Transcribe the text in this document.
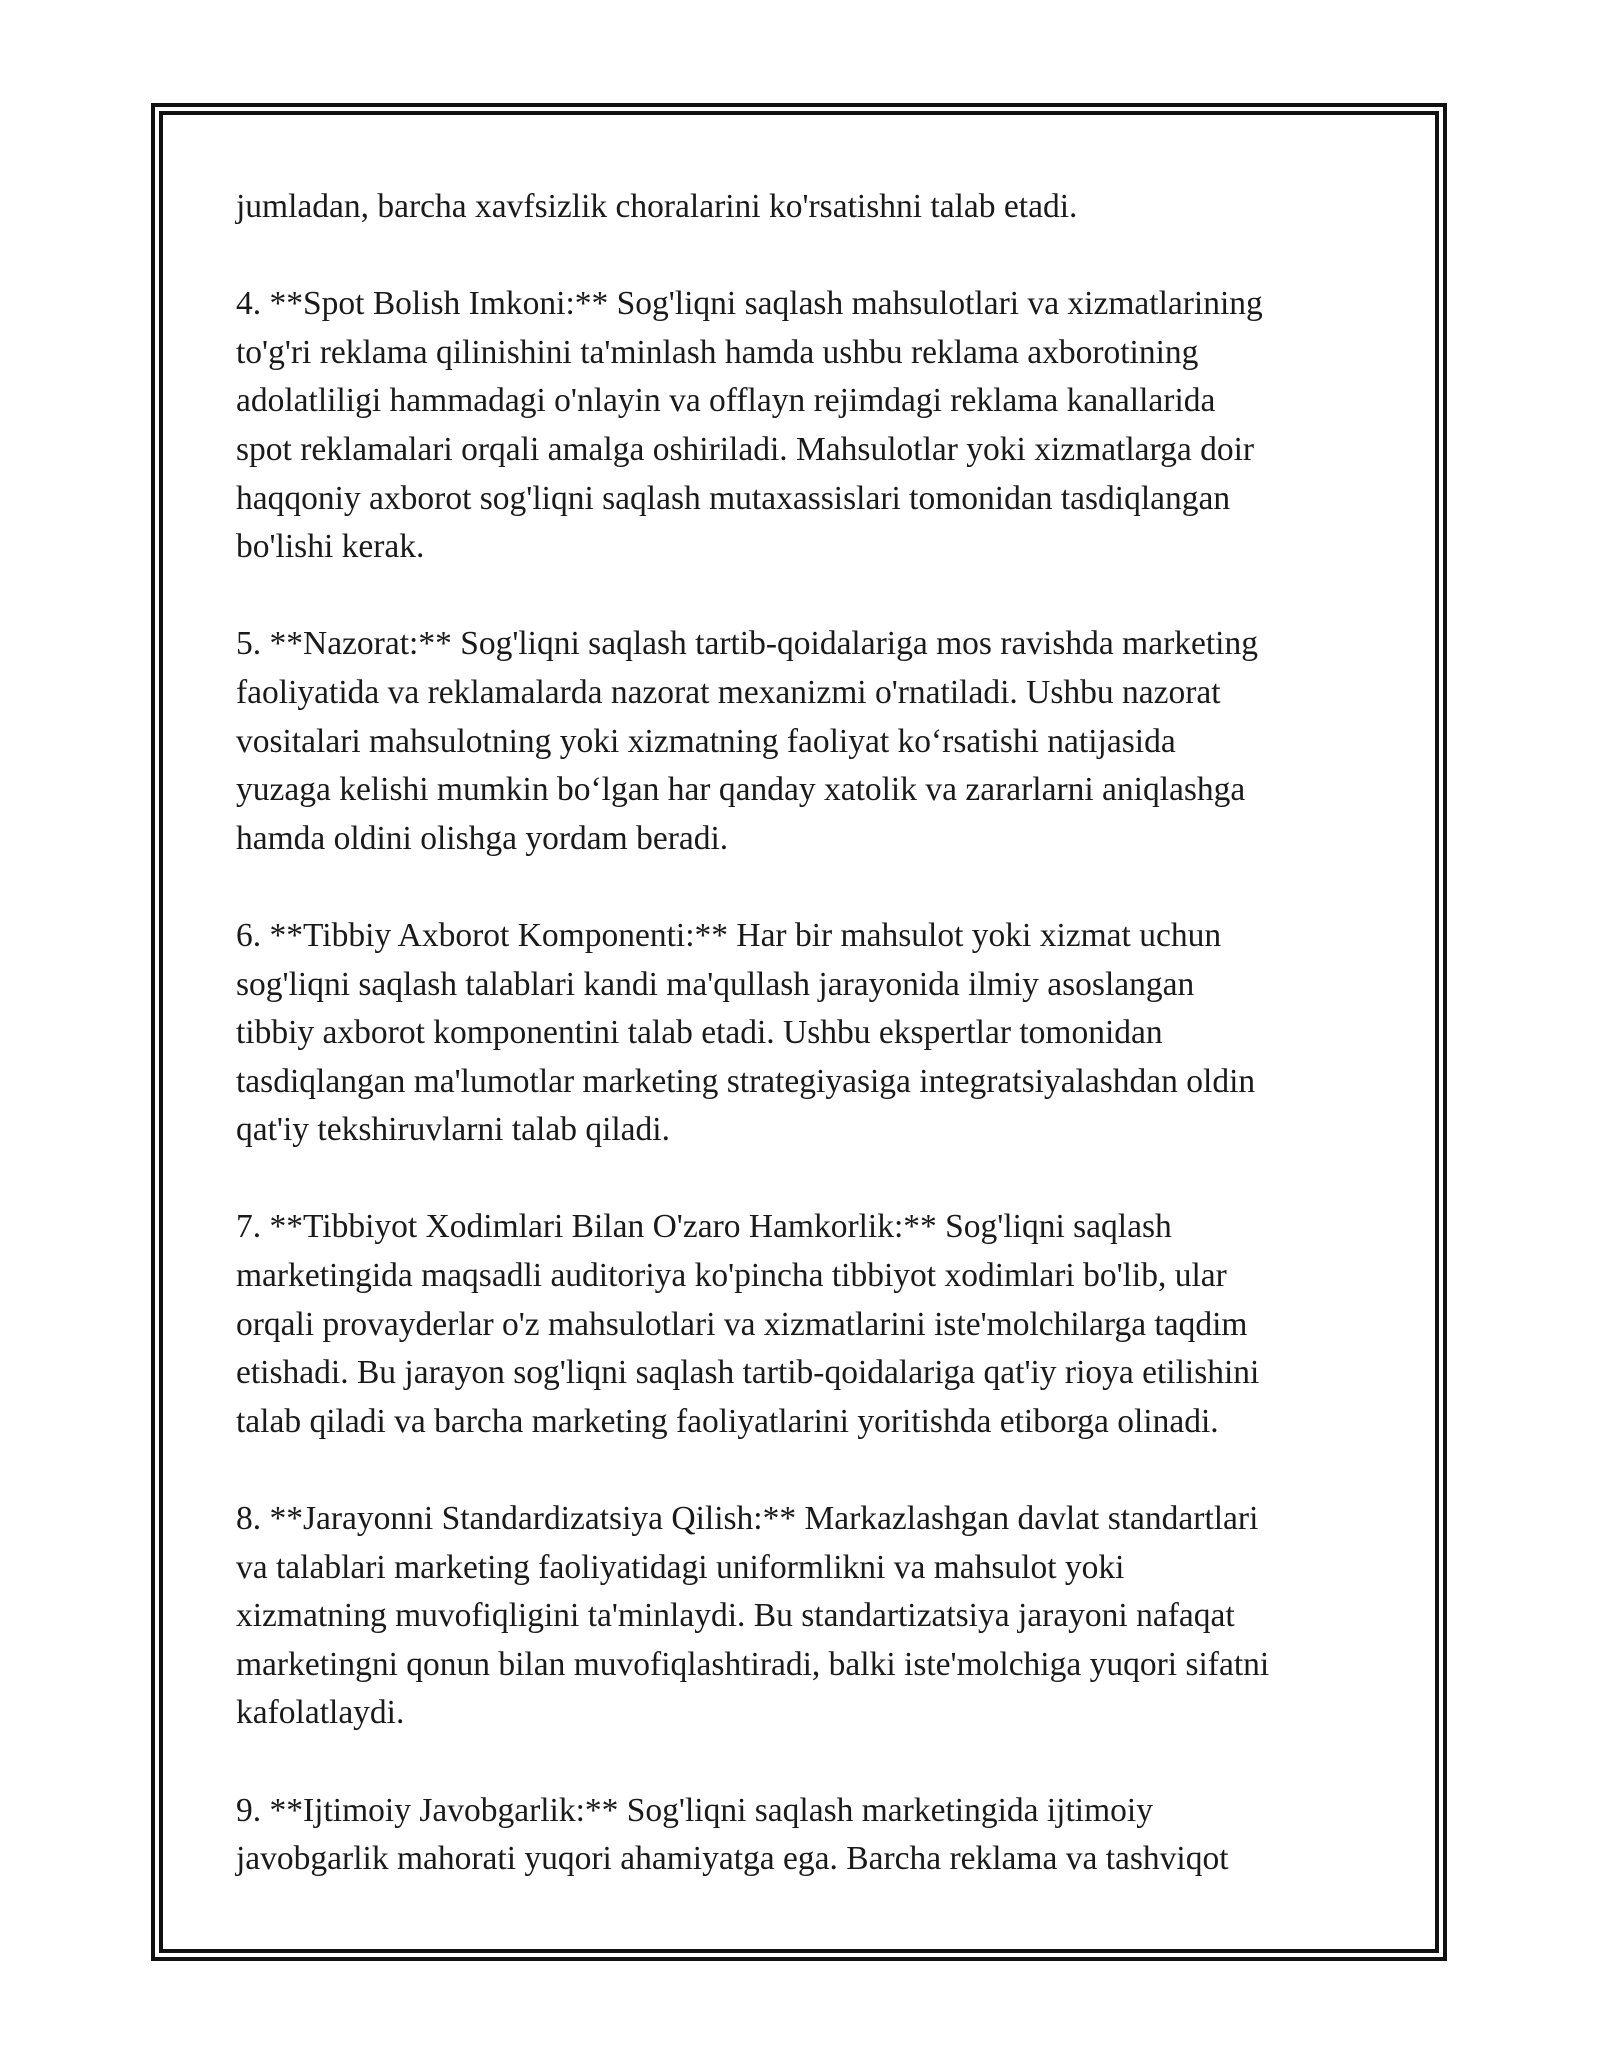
jumladan, barcha xavfsizlik choralarini ko'rsatishni talab etadi.

4. **Spot Bolish Imkoni:** Sog'liqni saqlash mahsulotlari va xizmatlarining
to'g'ri reklama qilinishini ta'minlash hamda ushbu reklama axborotining
adolatliligi hammadagi o'nlayin va offlayn rejimdagi reklama kanallarida
spot reklamalari orqali amalga oshiriladi. Mahsulotlar yoki xizmatlarga doir
haqqoniy axborot sog'liqni saqlash mutaxassislari tomonidan tasdiqlangan
bo'lishi kerak.

5. **Nazorat:** Sog'liqni saqlash tartib-qoidalariga mos ravishda marketing
faoliyatida va reklamalarda nazorat mexanizmi o'rnatiladi. Ushbu nazorat
vositalari mahsulotning yoki xizmatning faoliyat ko‘rsatishi natijasida
yuzaga kelishi mumkin bo‘lgan har qanday xatolik va zararlarni aniqlashga
hamda oldini olishga yordam beradi.

6. **Tibbiy Axborot Komponenti:** Har bir mahsulot yoki xizmat uchun
sog'liqni saqlash talablari kandi ma'qullash jarayonida ilmiy asoslangan
tibbiy axborot komponentini talab etadi. Ushbu ekspertlar tomonidan
tasdiqlangan ma'lumotlar marketing strategiyasiga integratsiyalashdan oldin
qat'iy tekshiruvlarni talab qiladi.

7. **Tibbiyot Xodimlari Bilan O'zaro Hamkorlik:** Sog'liqni saqlash
marketingida maqsadli auditoriya ko'pincha tibbiyot xodimlari bo'lib, ular
orqali provayderlar o'z mahsulotlari va xizmatlarini iste'molchilarga taqdim
etishadi. Bu jarayon sog'liqni saqlash tartib-qoidalariga qat'iy rioya etilishini
talab qiladi va barcha marketing faoliyatlarini yoritishda etiborga olinadi.

8. **Jarayonni Standardizatsiya Qilish:** Markazlashgan davlat standartlari
va talablari marketing faoliyatidagi uniformlikni va mahsulot yoki
xizmatning muvofiqligini ta'minlaydi. Bu standartizatsiya jarayoni nafaqat
marketingni qonun bilan muvofiqlashtiradi, balki iste'molchiga yuqori sifatni
kafolatlaydi.

9. **Ijtimoiy Javobgarlik:** Sog'liqni saqlash marketingida ijtimoiy
javobgarlik mahorati yuqori ahamiyatga ega. Barcha reklama va tashviqot
